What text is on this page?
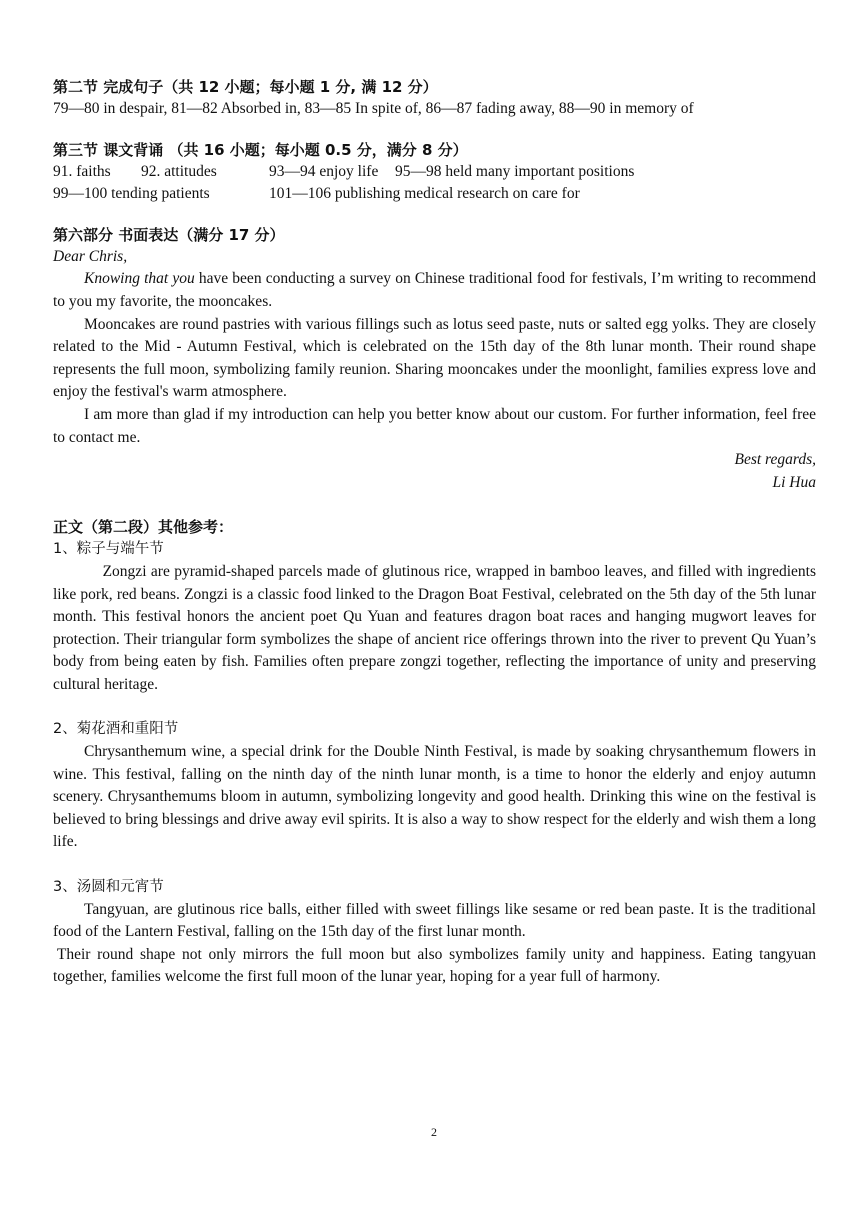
第二节 完成句子（共 12 小题；每小题 1 分, 满 12 分）

79—80 in despair, 81—82 Absorbed in, 83—85 In spite of, 86—87 fading away, 88—90 in memory of

第三节 课文背诵 （共 16 小题；每小题 0.5 分，满分 8 分）

91. faiths	92. attitudes	93—94 enjoy life	95—98 held many important positions
99—100 tending patients	101—106 publishing medical research on care for

第六部分 书面表达（满分 17 分）

Dear Chris,

Knowing that you have been conducting a survey on Chinese traditional food for festivals, I’m writing to recommend to you my favorite, the mooncakes.

Mooncakes are round pastries with various fillings such as lotus seed paste, nuts or salted egg yolks. They are closely related to the Mid - Autumn Festival, which is celebrated on the 15th day of the 8th lunar month. Their round shape represents the full moon, symbolizing family reunion. Sharing mooncakes under the moonlight, families express love and enjoy the festival's warm atmosphere.

I am more than glad if my introduction can help you better know about our custom. For further information, feel free to contact me.

Best regards,

Li Hua

正文（第二段）其他参考：

1、粽子与端午节

Zongzi are pyramid-shaped parcels made of glutinous rice, wrapped in bamboo leaves, and filled with ingredients like pork, red beans. Zongzi is a classic food linked to the Dragon Boat Festival, celebrated on the 5th day of the 5th lunar month. This festival honors the ancient poet Qu Yuan and features dragon boat races and hanging mugwort leaves for protection. Their triangular form symbolizes the shape of ancient rice offerings thrown into the river to prevent Qu Yuan’s body from being eaten by fish. Families often prepare zongzi together, reflecting the importance of unity and preserving cultural heritage.

2、菊花酒和重阳节

Chrysanthemum wine, a special drink for the Double Ninth Festival, is made by soaking chrysanthemum flowers in wine. This festival, falling on the ninth day of the ninth lunar month, is a time to honor the elderly and enjoy autumn scenery. Chrysanthemums bloom in autumn, symbolizing longevity and good health. Drinking this wine on the festival is believed to bring blessings and drive away evil spirits. It is also a way to show respect for the elderly and wish them a long life.

3、汤圆和元宵节

Tangyuan, are glutinous rice balls, either filled with sweet fillings like sesame or red bean paste. It is the traditional food of the Lantern Festival, falling on the 15th day of the first lunar month.

Their round shape not only mirrors the full moon but also symbolizes family unity and happiness. Eating tangyuan together, families welcome the first full moon of the lunar year, hoping for a year full of harmony.

2
